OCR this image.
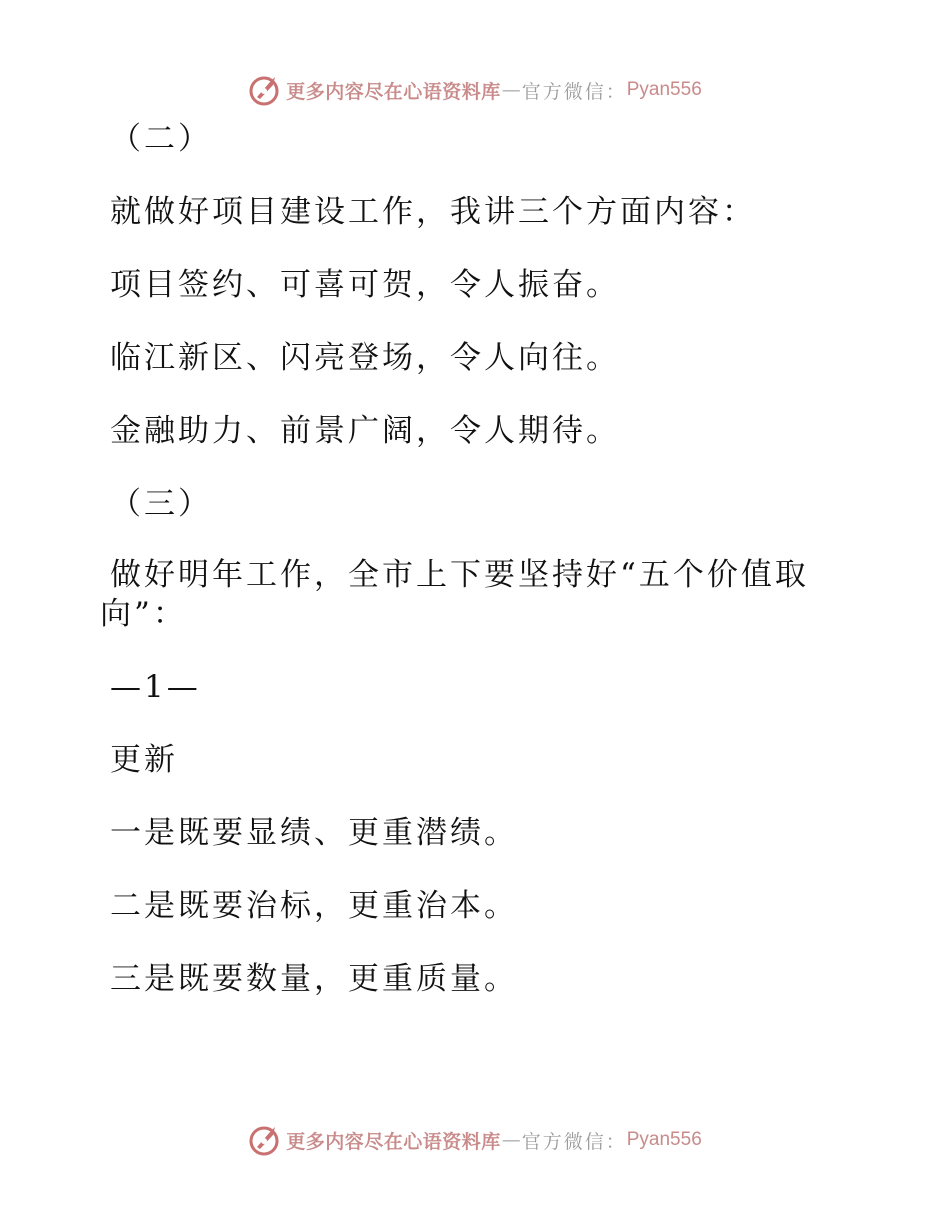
更多内容尽在心语资料库 — 官方微信： Pyan556
（二）
就做好项目建设工作，我讲三个方面内容：
项目签约、可喜可贺，令人振奋。
临江新区、闪亮登场，令人向往。
金融助力、前景广阔，令人期待。
（三）
做好明年工作，全市上下要坚持好“五个价值取向”：
—1—
更新
一是既要显绩、更重潜绩。
二是既要治标，更重治本。
三是既要数量，更重质量。
更多内容尽在心语资料库 — 官方微信： Pyan556
